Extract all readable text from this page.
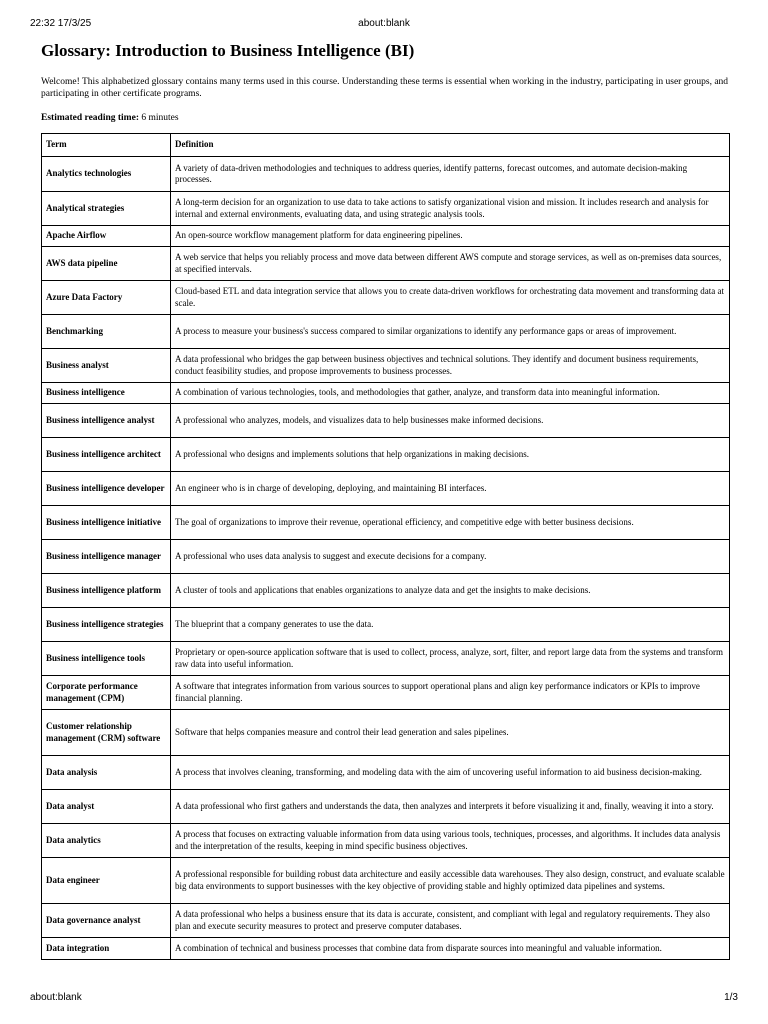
22:32 17/3/25	about:blank
Glossary: Introduction to Business Intelligence (BI)

Welcome! This alphabetized glossary contains many terms used in this course. Understanding these terms is essential when working in the industry, participating in user groups, and participating in other certificate programs.

Estimated reading time: 6 minutes

Term	Definition
Analytics technologies	A variety of data-driven methodologies and techniques to address queries, identify patterns, forecast outcomes, and automate decision-making processes.
Analytical strategies	A long-term decision for an organization to use data to take actions to satisfy organizational vision and mission. It includes research and analysis for internal and external environments, evaluating data, and using strategic analysis tools.
Apache Airflow	An open-source workflow management platform for data engineering pipelines.
AWS data pipeline	A web service that helps you reliably process and move data between different AWS compute and storage services, as well as on-premises data sources, at specified intervals.
Azure Data Factory	Cloud-based ETL and data integration service that allows you to create data-driven workflows for orchestrating data movement and transforming data at scale.
Benchmarking	A process to measure your business's success compared to similar organizations to identify any performance gaps or areas of improvement.
Business analyst	A data professional who bridges the gap between business objectives and technical solutions. They identify and document business requirements, conduct feasibility studies, and propose improvements to business processes.
Business intelligence	A combination of various technologies, tools, and methodologies that gather, analyze, and transform data into meaningful information.
Business intelligence analyst	A professional who analyzes, models, and visualizes data to help businesses make informed decisions.
Business intelligence architect	A professional who designs and implements solutions that help organizations in making decisions.
Business intelligence developer	An engineer who is in charge of developing, deploying, and maintaining BI interfaces.
Business intelligence initiative	The goal of organizations to improve their revenue, operational efficiency, and competitive edge with better business decisions.
Business intelligence manager	A professional who uses data analysis to suggest and execute decisions for a company.
Business intelligence platform	A cluster of tools and applications that enables organizations to analyze data and get the insights to make decisions.
Business intelligence strategies	The blueprint that a company generates to use the data.
Business intelligence tools	Proprietary or open-source application software that is used to collect, process, analyze, sort, filter, and report large data from the systems and transform raw data into useful information.
Corporate performance management (CPM)	A software that integrates information from various sources to support operational plans and align key performance indicators or KPIs to improve financial planning.
Customer relationship management (CRM) software	Software that helps companies measure and control their lead generation and sales pipelines.
Data analysis	A process that involves cleaning, transforming, and modeling data with the aim of uncovering useful information to aid business decision-making.
Data analyst	A data professional who first gathers and understands the data, then analyzes and interprets it before visualizing it and, finally, weaving it into a story.
Data analytics	A process that focuses on extracting valuable information from data using various tools, techniques, processes, and algorithms. It includes data analysis and the interpretation of the results, keeping in mind specific business objectives.
Data engineer	A professional responsible for building robust data architecture and easily accessible data warehouses. They also design, construct, and evaluate scalable big data environments to support businesses with the key objective of providing stable and highly optimized data pipelines and systems.
Data governance analyst	A data professional who helps a business ensure that its data is accurate, consistent, and compliant with legal and regulatory requirements. They also plan and execute security measures to protect and preserve computer databases.
Data integration	A combination of technical and business processes that combine data from disparate sources into meaningful and valuable information.
about:blank	1/3
